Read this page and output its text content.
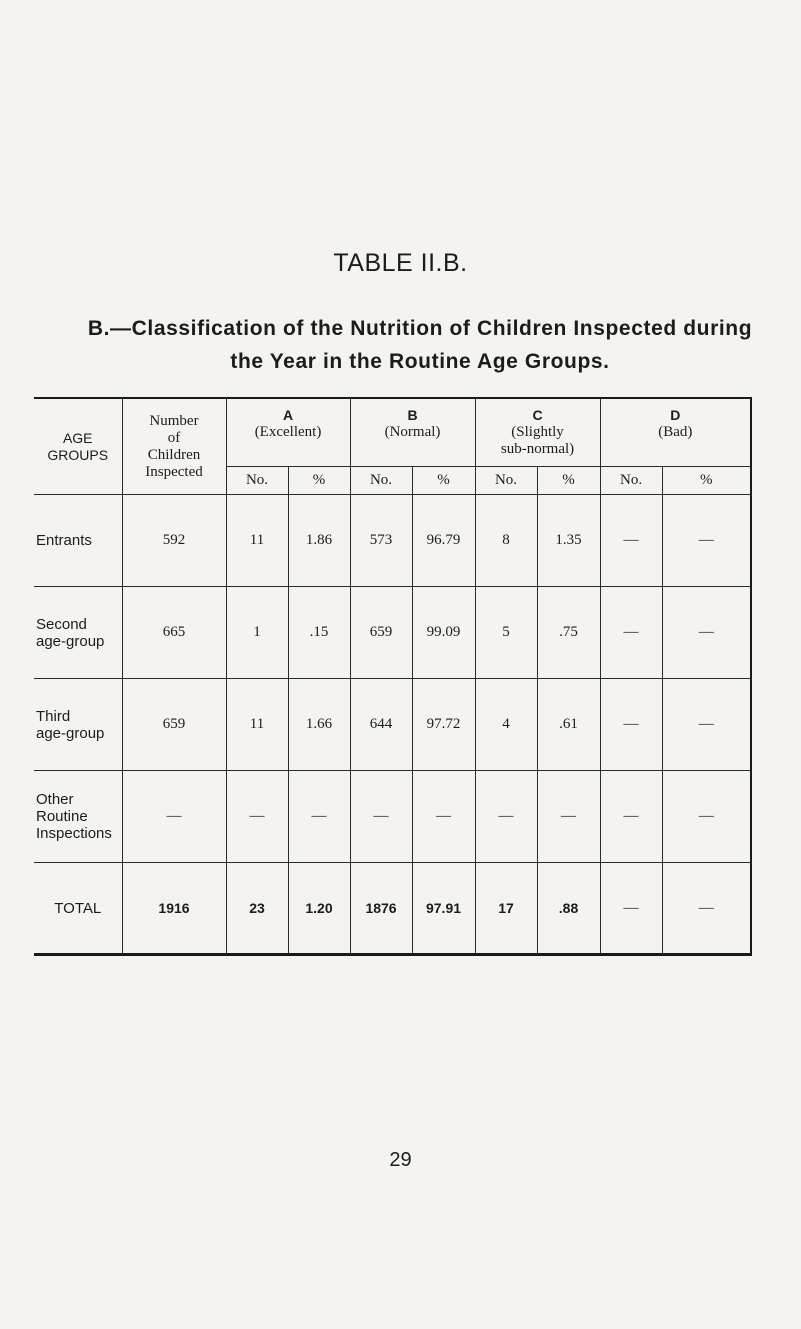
TABLE II.B.
B.—Classification of the Nutrition of Children Inspected during
the Year in the Routine Age Groups.
AGE
GROUPS	Number
of
Children
Inspected	A
(Excellent)		B
(Normal)		C
(Slightly
sub-normal)		D
(Bad)	
		No.	%	No.	%	No.	%	No.	%
Entrants	592	11	1.86	573	96.79	8	1.35	—	—
Second
age-group	665	1	.15	659	99.09	5	.75	—	—
Third
age-group	659	11	1.66	644	97.72	4	.61	—	—
Other
Routine
Inspections	—	—	—	—	—	—	—	—	—
TOTAL	1916	23	1.20	1876	97.91	17	.88	—	—
29
